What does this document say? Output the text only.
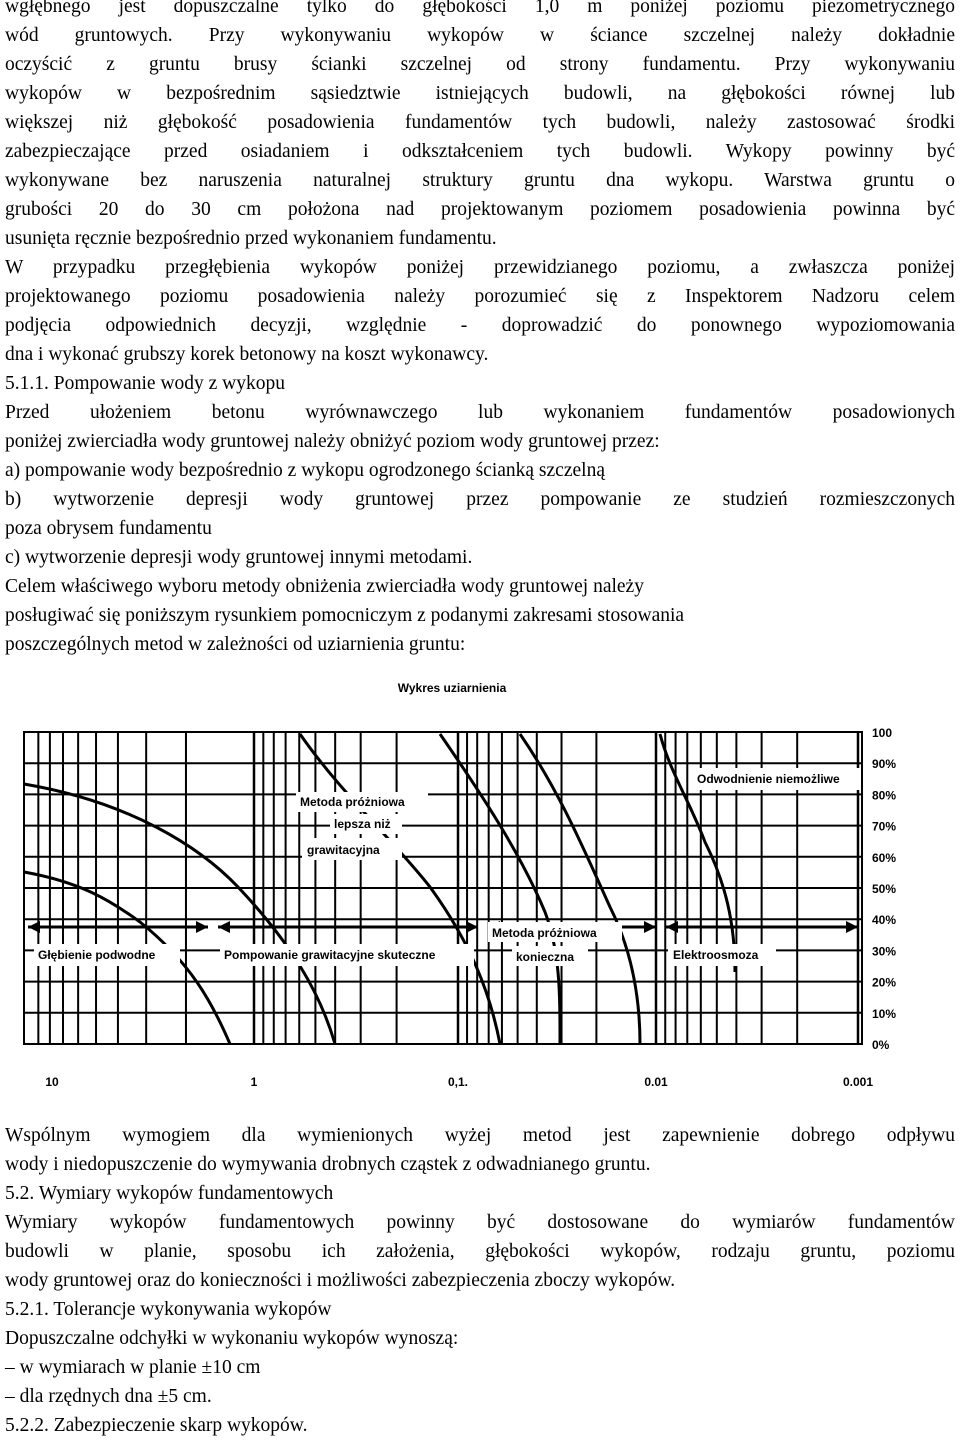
wgłębnego jest dopuszczalne tylko do głębokości 1,0 m poniżej poziomu piezometrycznego

wód gruntowych. Przy wykonywaniu wykopów w ściance szczelnej należy dokładnie

oczyścić z gruntu brusy ścianki szczelnej od strony fundamentu. Przy wykonywaniu

wykopów w bezpośrednim sąsiedztwie istniejących budowli, na głębokości równej lub

większej niż głębokość posadowienia fundamentów tych budowli, należy zastosować środki

zabezpieczające przed osiadaniem i odkształceniem tych budowli. Wykopy powinny być

wykonywane bez naruszenia naturalnej struktury gruntu dna wykopu. Warstwa gruntu o

grubości 20 do 30 cm położona nad projektowanym poziomem posadowienia powinna być

usunięta ręcznie bezpośrednio przed wykonaniem fundamentu.

W przypadku przegłębienia wykopów poniżej przewidzianego poziomu, a zwłaszcza poniżej

projektowanego poziomu posadowienia należy porozumieć się z Inspektorem Nadzoru celem

podjęcia odpowiednich decyzji, względnie - doprowadzić do ponownego wypoziomowania

dna i wykonać grubszy korek betonowy na koszt wykonawcy.

5.1.1. Pompowanie wody z wykopu

Przed ułożeniem betonu wyrównawczego lub wykonaniem fundamentów posadowionych

poniżej zwierciadła wody gruntowej należy obniżyć poziom wody gruntowej przez:

a) pompowanie wody bezpośrednio z wykopu ogrodzonego ścianką szczelną

b) wytworzenie depresji wody gruntowej przez pompowanie ze studzień rozmieszczonych

poza obrysem fundamentu

c) wytworzenie depresji wody gruntowej innymi metodami.

Celem właściwego wyboru metody obniżenia zwierciadła wody gruntowej należy

posługiwać się poniższym rysunkiem pomocniczym z podanymi zakresami stosowania

poszczególnych metod w zależności od uziarnienia gruntu:

Wykres uziarnienia
100
90%
80%
70%
60%
50%
40%
30%
20%
10%
0%
10	1	0,1.	0.01	0.001
Odwodnienie niemożliwe
Metoda próżniowa
lepsza niż
grawitacyjna
Metoda próżniowa
konieczna
Głębienie podwodne	Pompowanie grawitacyjne skuteczne	Elektroosmoza

Wspólnym wymogiem dla wymienionych wyżej metod jest zapewnienie dobrego odpływu

wody i niedopuszczenie do wymywania drobnych cząstek z odwadnianego gruntu.

5.2. Wymiary wykopów fundamentowych

Wymiary wykopów fundamentowych powinny być dostosowane do wymiarów fundamentów

budowli w planie, sposobu ich założenia, głębokości wykopów, rodzaju gruntu, poziomu

wody gruntowej oraz do konieczności i możliwości zabezpieczenia zboczy wykopów.

5.2.1. Tolerancje wykonywania wykopów

Dopuszczalne odchyłki w wykonaniu wykopów wynoszą:

– w wymiarach w planie ±10 cm

– dla rzędnych dna ±5 cm.

5.2.2. Zabezpieczenie skarp wykopów.
